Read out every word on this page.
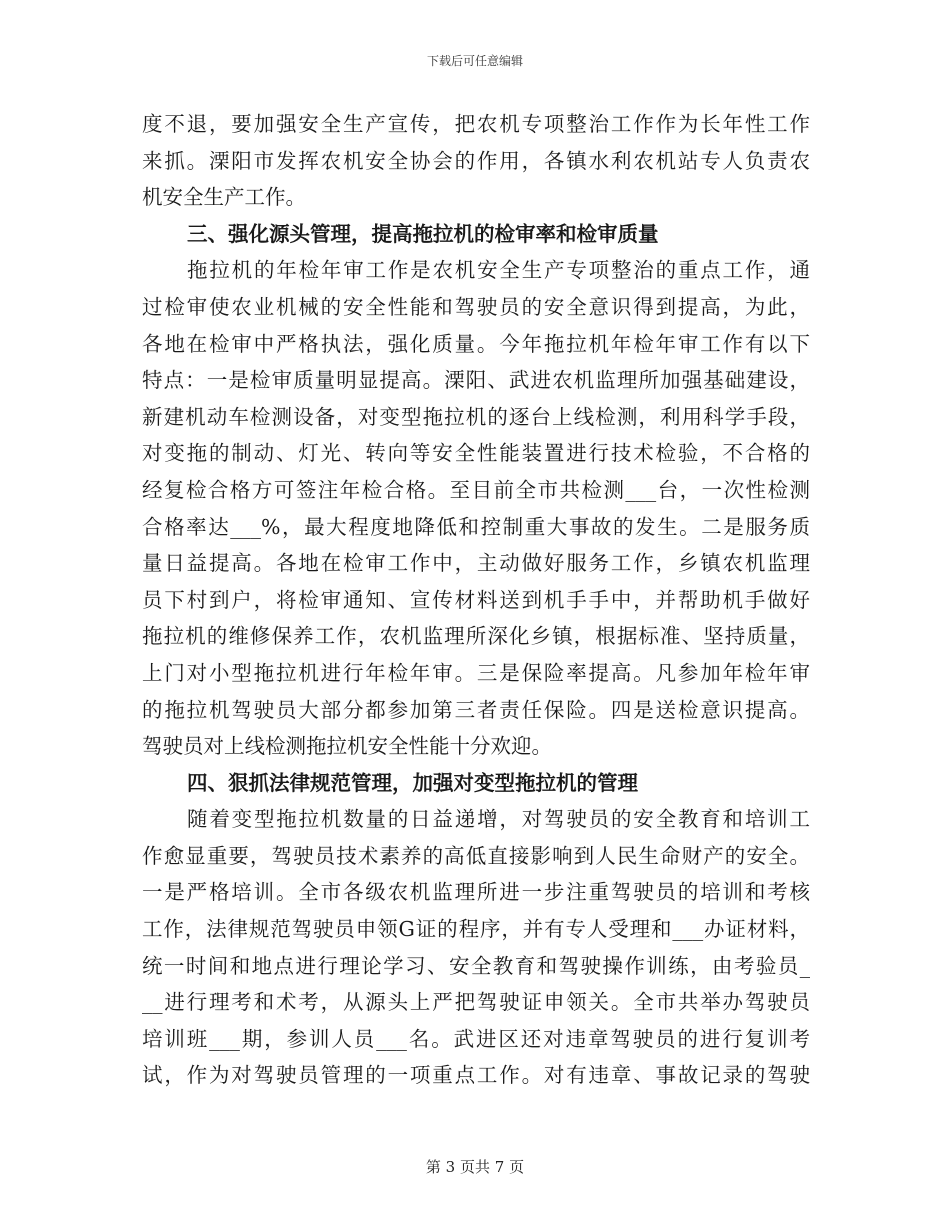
下载后可任意编辑
度不退，要加强安全生产宣传，把农机专项整治工作作为长年性工作
来抓。溧阳市发挥农机安全协会的作用，各镇水利农机站专人负责农
机安全生产工作。
三、强化源头管理，提高拖拉机的检审率和检审质量
拖拉机的年检年审工作是农机安全生产专项整治的重点工作，通
过检审使农业机械的安全性能和驾驶员的安全意识得到提高，为此，
各地在检审中严格执法，强化质量。今年拖拉机年检年审工作有以下
特点：一是检审质量明显提高。溧阳、武进农机监理所加强基础建设，
新建机动车检测设备，对变型拖拉机的逐台上线检测，利用科学手段，
对变拖的制动、灯光、转向等安全性能装置进行技术检验，不合格的
经复检合格方可签注年检合格。至目前全市共检测___台，一次性检测
合格率达___%，最大程度地降低和控制重大事故的发生。二是服务质
量日益提高。各地在检审工作中，主动做好服务工作，乡镇农机监理
员下村到户，将检审通知、宣传材料送到机手手中，并帮助机手做好
拖拉机的维修保养工作，农机监理所深化乡镇，根据标准、坚持质量，
上门对小型拖拉机进行年检年审。三是保险率提高。凡参加年检年审
的拖拉机驾驶员大部分都参加第三者责任保险。四是送检意识提高。
驾驶员对上线检测拖拉机安全性能十分欢迎。
四、狠抓法律规范管理，加强对变型拖拉机的管理
随着变型拖拉机数量的日益递增，对驾驶员的安全教育和培训工
作愈显重要，驾驶员技术素养的高低直接影响到人民生命财产的安全。
一是严格培训。全市各级农机监理所进一步注重驾驶员的培训和考核
工作，法律规范驾驶员申领G证的程序，并有专人受理和___办证材料，
统一时间和地点进行理论学习、安全教育和驾驶操作训练，由考验员_
__进行理考和术考，从源头上严把驾驶证申领关。全市共举办驾驶员
培训班___期，参训人员___名。武进区还对违章驾驶员的进行复训考
试，作为对驾驶员管理的一项重点工作。对有违章、事故记录的驾驶
第 3 页共 7 页
